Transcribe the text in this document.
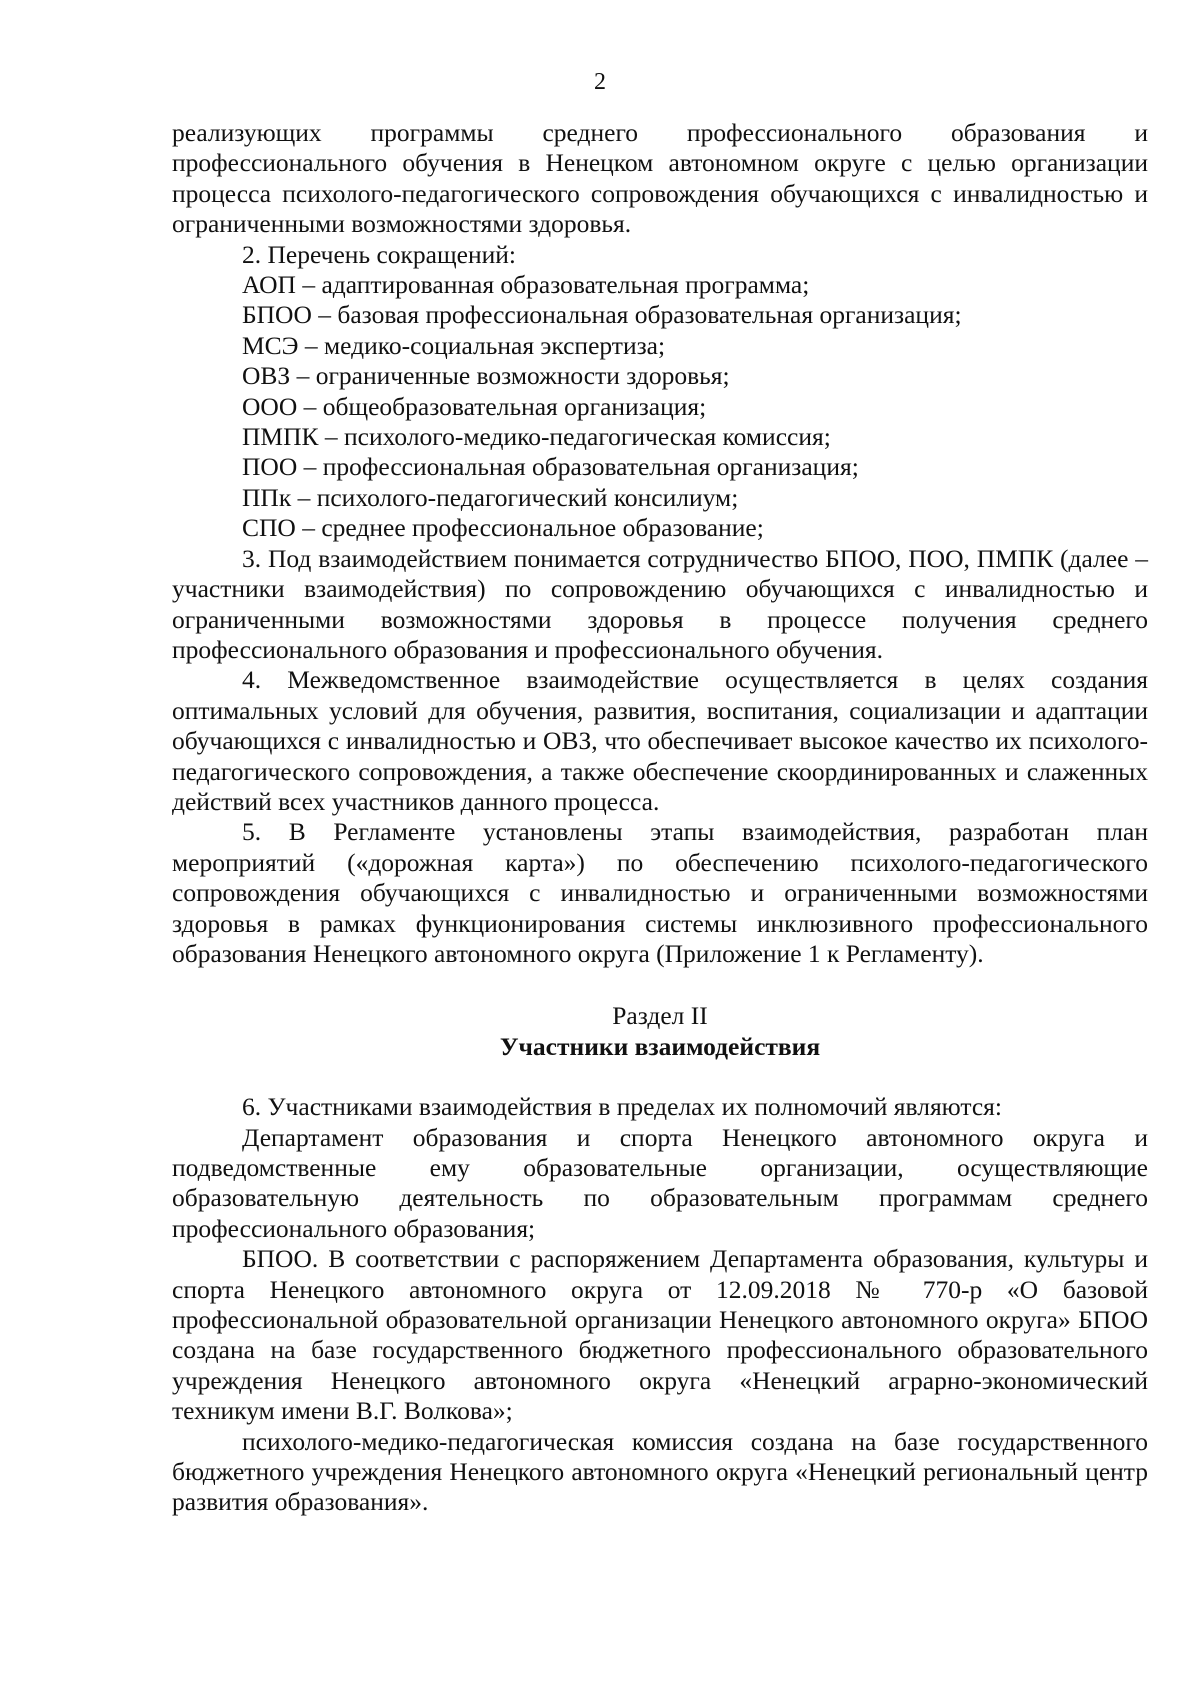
2

реализующих программы среднего профессионального образования и профессионального обучения в Ненецком автономном округе с целью организации процесса психолого-педагогического сопровождения обучающихся с инвалидностью и ограниченными возможностями здоровья.

2. Перечень сокращений:

АОП – адаптированная образовательная программа;

БПОО – базовая профессиональная образовательная организация;

МСЭ – медико-социальная экспертиза;

ОВЗ – ограниченные возможности здоровья;

ООО – общеобразовательная организация;

ПМПК – психолого-медико-педагогическая комиссия;

ПОО – профессиональная образовательная организация;

ППк – психолого-педагогический консилиум;

СПО – среднее профессиональное образование;

3. Под взаимодействием понимается сотрудничество БПОО, ПОО, ПМПК (далее – участники взаимодействия) по сопровождению обучающихся с инвалидностью и ограниченными возможностями здоровья в процессе получения среднего профессионального образования и профессионального обучения.

4. Межведомственное взаимодействие осуществляется в целях создания оптимальных условий для обучения, развития, воспитания, социализации и адаптации обучающихся с инвалидностью и ОВЗ, что обеспечивает высокое качество их психолого-педагогического сопровождения, а также обеспечение скоординированных и слаженных действий всех участников данного процесса.

5. В Регламенте установлены этапы взаимодействия, разработан план мероприятий («дорожная карта») по обеспечению психолого-педагогического сопровождения обучающихся с инвалидностью и ограниченными возможностями здоровья в рамках функционирования системы инклюзивного профессионального образования Ненецкого автономного округа (Приложение 1 к Регламенту).

Раздел II
Участники взаимодействия

6. Участниками взаимодействия в пределах их полномочий являются:

Департамент образования и спорта Ненецкого автономного округа и подведомственные ему образовательные организации, осуществляющие образовательную деятельность по образовательным программам среднего профессионального образования;

БПОО. В соответствии с распоряжением Департамента образования, культуры и спорта Ненецкого автономного округа от 12.09.2018 № 770-р «О базовой профессиональной образовательной организации Ненецкого автономного округа» БПОО создана на базе государственного бюджетного профессионального образовательного учреждения Ненецкого автономного округа «Ненецкий аграрно-экономический техникум имени В.Г. Волкова»;

психолого-медико-педагогическая комиссия создана на базе государственного бюджетного учреждения Ненецкого автономного округа «Ненецкий региональный центр развития образования».
